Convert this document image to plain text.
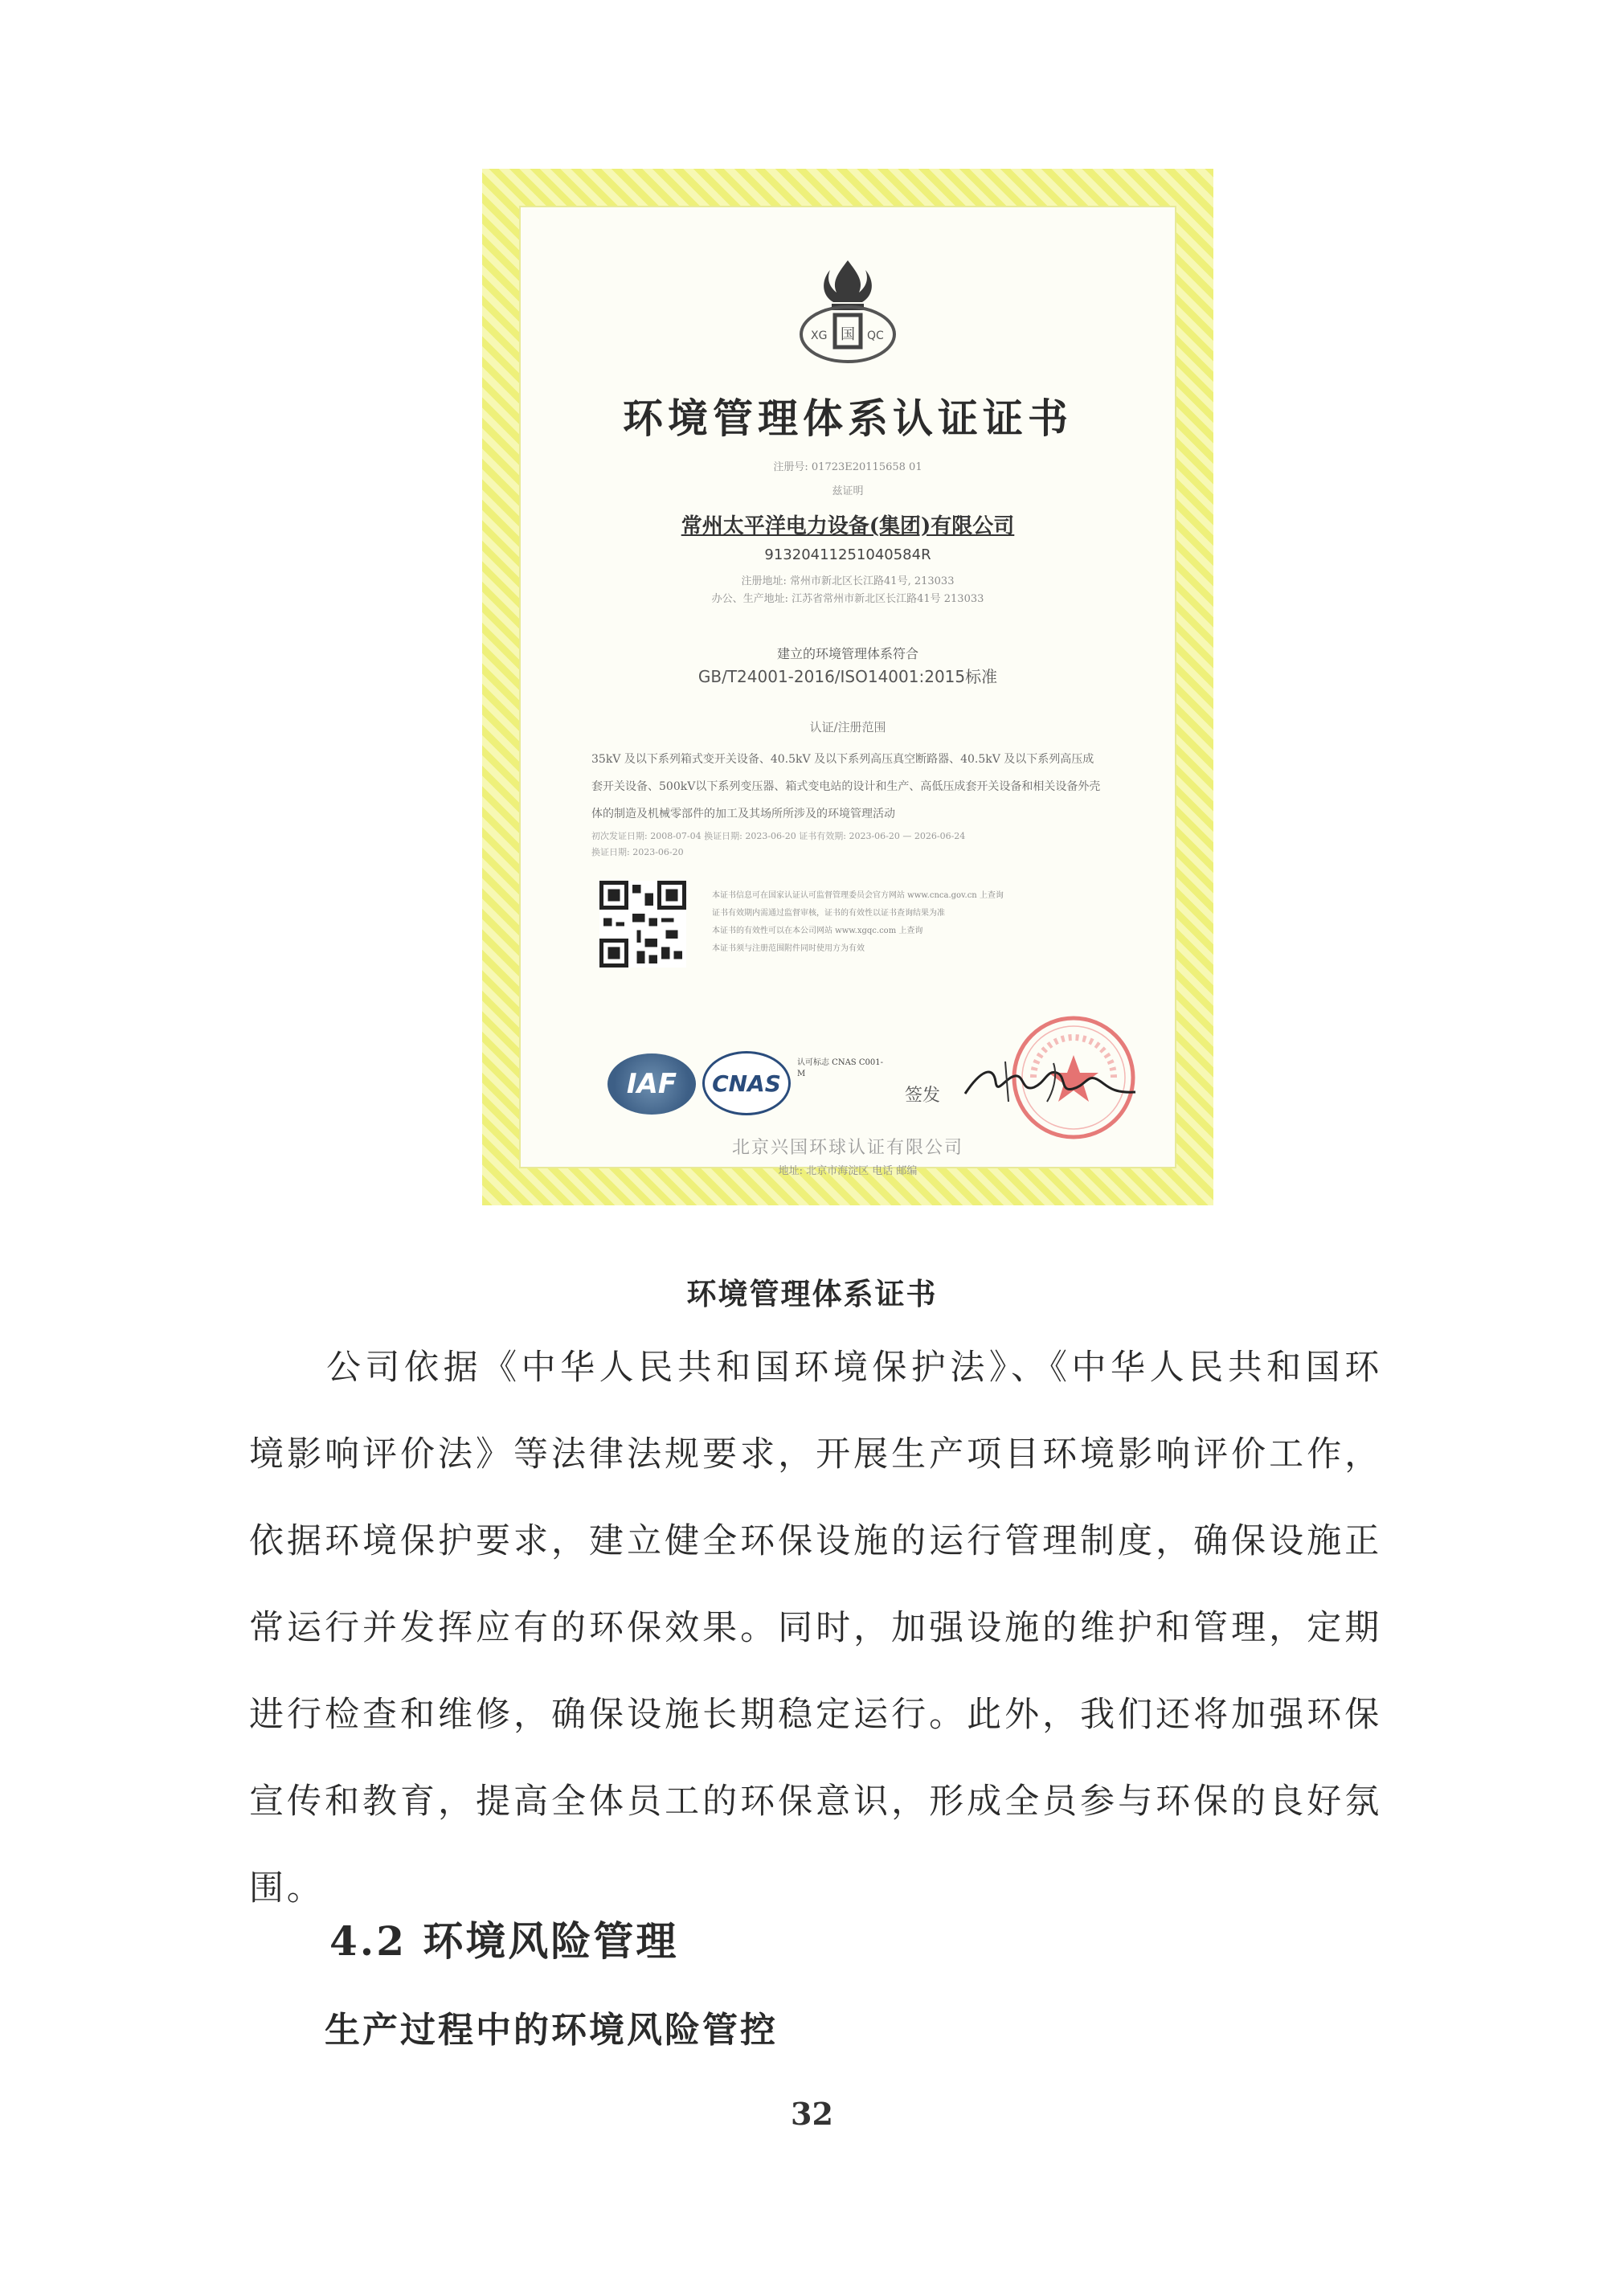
国
XG	QC
环境管理体系认证证书
注册号: 01723E20115658 01
兹证明
常州太平洋电力设备(集团)有限公司
91320411251040584R
注册地址: 常州市新北区长江路41号, 213033
办公、生产地址: 江苏省常州市新北区长江路41号 213033
建立的环境管理体系符合
GB/T24001-2016/ISO14001:2015标准
认证/注册范围
35kV 及以下系列箱式变开关设备、40.5kV 及以下系列高压真空断路器、40.5kV 及以下系列高压成套开关设备、500kV以下系列变压器、箱式变电站的设计和生产、高低压成套开关设备和相关设备外壳体的制造及机械零部件的加工及其场所所涉及的环境管理活动
初次发证日期: 2008-07-04 换证日期: 2023-06-20 证书有效期: 2023-06-20 — 2026-06-24
换证日期: 2023-06-20
本证书信息可在国家认证认可监督管理委员会官方网站 www.cnca.gov.cn 上查询
证书有效期内需通过监督审核，证书的有效性以证书查询结果为准
本证书的有效性可以在本公司网站 www.xgqc.com 上查询
本证书须与注册范围附件同时使用方为有效
IAF	CNAS
认可标志 CNAS C001-M
签发
北京兴国环球认证有限公司
地址: 北京市海淀区 电话 邮编
环境管理体系证书

公司依据《中华人民共和国环境保护法》、《中华人民共和国环境影响评价法》等法律法规要求，开展生产项目环境影响评价工作，依据环境保护要求，建立健全环保设施的运行管理制度，确保设施正常运行并发挥应有的环保效果。同时，加强设施的维护和管理，定期进行检查和维修，确保设施长期稳定运行。此外，我们还将加强环保宣传和教育，提高全体员工的环保意识，形成全员参与环保的良好氛围。

4.2 环境风险管理
生产过程中的环境风险管控
32
